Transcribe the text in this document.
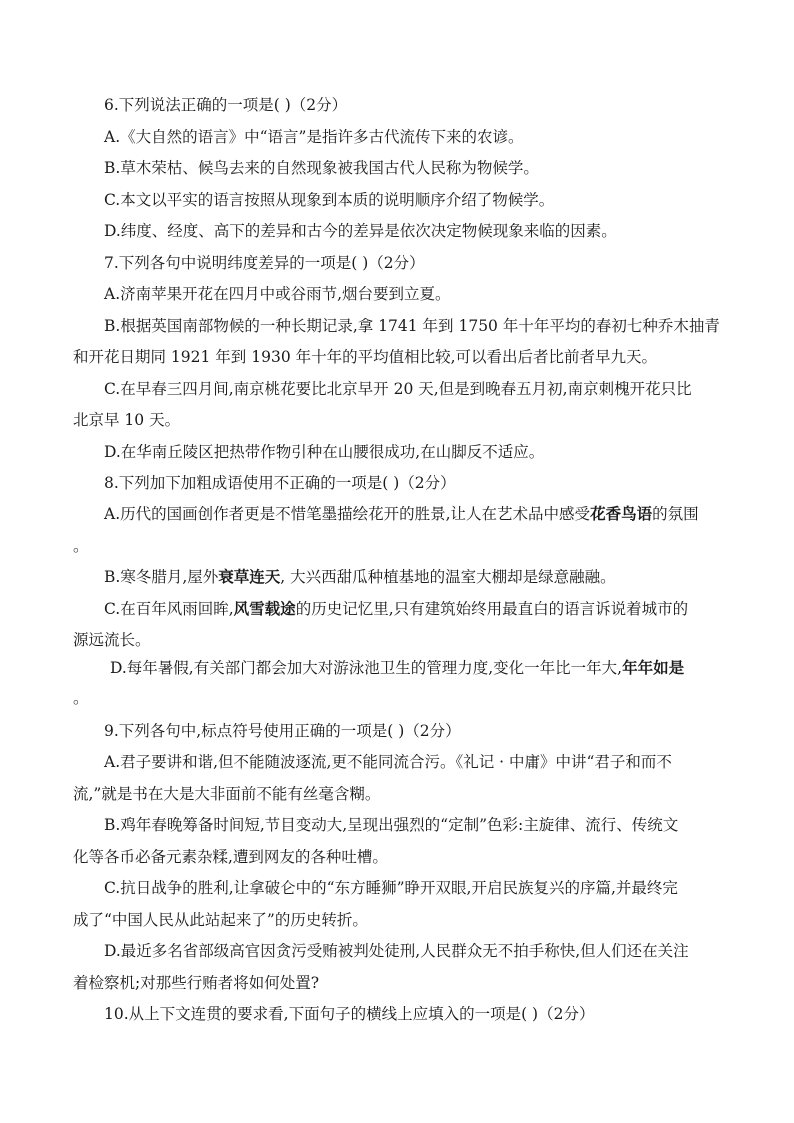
6.下列说法正确的一项是( )（2分）
A.《大自然的语言》中“语言”是指许多古代流传下来的农谚。
B.草木荣枯、候鸟去来的自然现象被我国古代人民称为物候学。
C.本文以平实的语言按照从现象到本质的说明顺序介绍了物候学。
D.纬度、经度、高下的差异和古今的差异是依次决定物候现象来临的因素。
7.下列各句中说明纬度差异的一项是( )（2分）
A.济南苹果开花在四月中或谷雨节,烟台要到立夏。
B.根据英国南部物候的一种长期记录,拿 1741 年到 1750 年十年平均的春初七种乔木抽青
和开花日期同 1921 年到 1930 年十年的平均值相比较,可以看出后者比前者早九天。
C.在早春三四月间,南京桃花要比北京早开 20 天,但是到晚春五月初,南京刺槐开花只比
北京早 10 天。
D.在华南丘陵区把热带作物引种在山腰很成功,在山脚反不适应。
8.下列加下加粗成语使用不正确的一项是( )（2分）
A.历代的国画创作者更是不惜笔墨描绘花开的胜景,让人在艺术品中感受花香鸟语的氛围
。
B.寒冬腊月,屋外衰草连天, 大兴西甜瓜种植基地的温室大棚却是绿意融融。
C.在百年风雨回眸,风雪载途的历史记忆里,只有建筑始终用最直白的语言诉说着城市的
源远流长。
D.每年暑假,有关部门都会加大对游泳池卫生的管理力度,变化一年比一年大,年年如是
。
9.下列各句中,标点符号使用正确的一项是( )（2分）
A.君子要讲和谐,但不能随波逐流,更不能同流合污。《礼记 · 中庸》中讲“君子和而不
流,”就是书在大是大非面前不能有丝毫含糊。
B.鸡年春晚筹备时间短,节目变动大,呈现出强烈的“定制”色彩:主旋律、流行、传统文
化等各币必备元素杂糅,遭到网友的各种吐槽。
C.抗日战争的胜利,让拿破仑中的“东方睡狮”睁开双眼,开启民族复兴的序篇,并最终完
成了“中国人民从此站起来了”的历史转折。
D.最近多名省部级高官因贪污受贿被判处徒刑,人民群众无不拍手称快,但人们还在关注
着检察机;对那些行贿者将如何处置?
10.从上下文连贯的要求看,下面句子的横线上应填入的一项是( )（2分）
